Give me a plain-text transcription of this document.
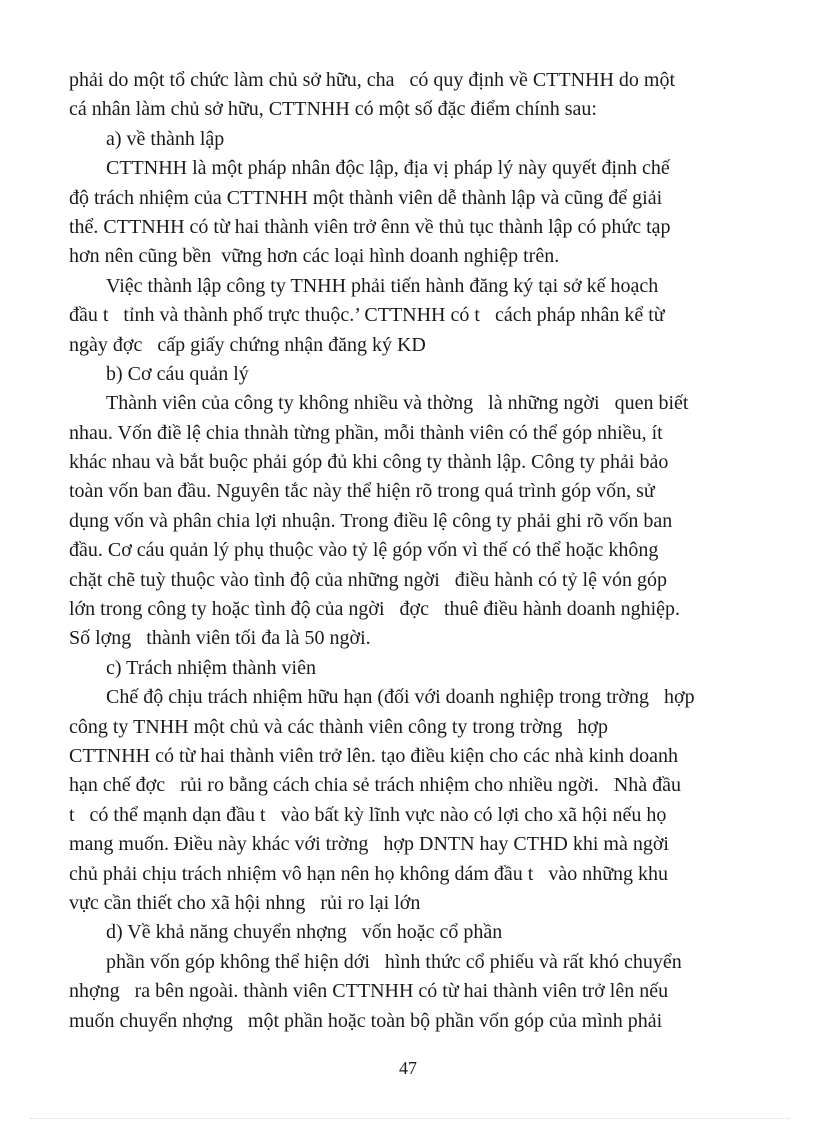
phải do một tổ chức làm chủ sở hữu, cha   có quy định về CTTNHH do một
cá nhân làm chủ sở hữu, CTTNHH có một số đặc điểm chính sau:
a) về thành lập
CTTNHH là một pháp nhân độc lập, địa vị pháp lý này quyết định chế
độ trách nhiệm của CTTNHH một thành viên dễ thành lập và cũng để giải
thể. CTTNHH có từ hai thành viên trở ênn về thủ tục thành lập có phức tạp
hơn nên cũng bền  vững hơn các loại hình doanh nghiệp trên.
Việc thành lập công ty TNHH phải tiến hành đăng ký tại sở kế hoạch
đầu t   tỉnh và thành phố trực thuộc.’ CTTNHH có t   cách pháp nhân kể từ
ngày đợc   cấp giấy chứng nhận đăng ký KD
b) Cơ cáu quản lý
Thành viên của công ty không nhiều và thờng   là những ngời   quen biết
nhau. Vốn điề lệ chia thnàh từng phần, mỗi thành viên có thể góp nhiều, ít
khác nhau và bắt buộc phải góp đủ khi công ty thành lập. Công ty phải bảo
toàn vốn ban đầu. Nguyên tắc này thể hiện rõ trong quá trình góp vốn, sử
dụng vốn và phân chia lợi nhuận. Trong điều lệ công ty phải ghi rõ vốn ban
đầu. Cơ cáu quản lý phụ thuộc vào tỷ lệ góp vốn vì thế có thể hoặc không
chặt chẽ tuỳ thuộc vào tình độ của những ngời   điều hành có tỷ lệ vón góp
lớn trong công ty hoặc tình độ của ngời   đợc   thuê điều hành doanh nghiệp.
Số lợng   thành viên tối đa là 50 ngời.
c) Trách nhiệm thành viên
Chế độ chịu trách nhiệm hữu hạn (đối với doanh nghiệp trong trờng   hợp
công ty TNHH một chủ và các thành viên công ty trong trờng   hợp
CTTNHH có từ hai thành viên trở lên. tạo điều kiện cho các nhà kinh doanh
hạn chế đợc   rủi ro bằng cách chia sẻ trách nhiệm cho nhiều ngời.   Nhà đầu
t   có thể mạnh dạn đầu t   vào bất kỳ lĩnh vực nào có lợi cho xã hội nếu họ
mang muốn. Điều này khác với trờng   hợp DNTN hay CTHD khi mà ngời
chủ phải chịu trách nhiệm vô hạn nên họ không dám đầu t   vào những khu
vực cần thiết cho xã hội nhng   rủi ro lại lớn
d) Về khả năng chuyển nhợng   vốn hoặc cổ phần
phần vốn góp không thể hiện dới   hình thức cổ phiếu và rất khó chuyển
nhợng   ra bên ngoài. thành viên CTTNHH có từ hai thành viên trở lên nếu
muốn chuyển nhợng   một phần hoặc toàn bộ phần vốn góp của mình phải
47
